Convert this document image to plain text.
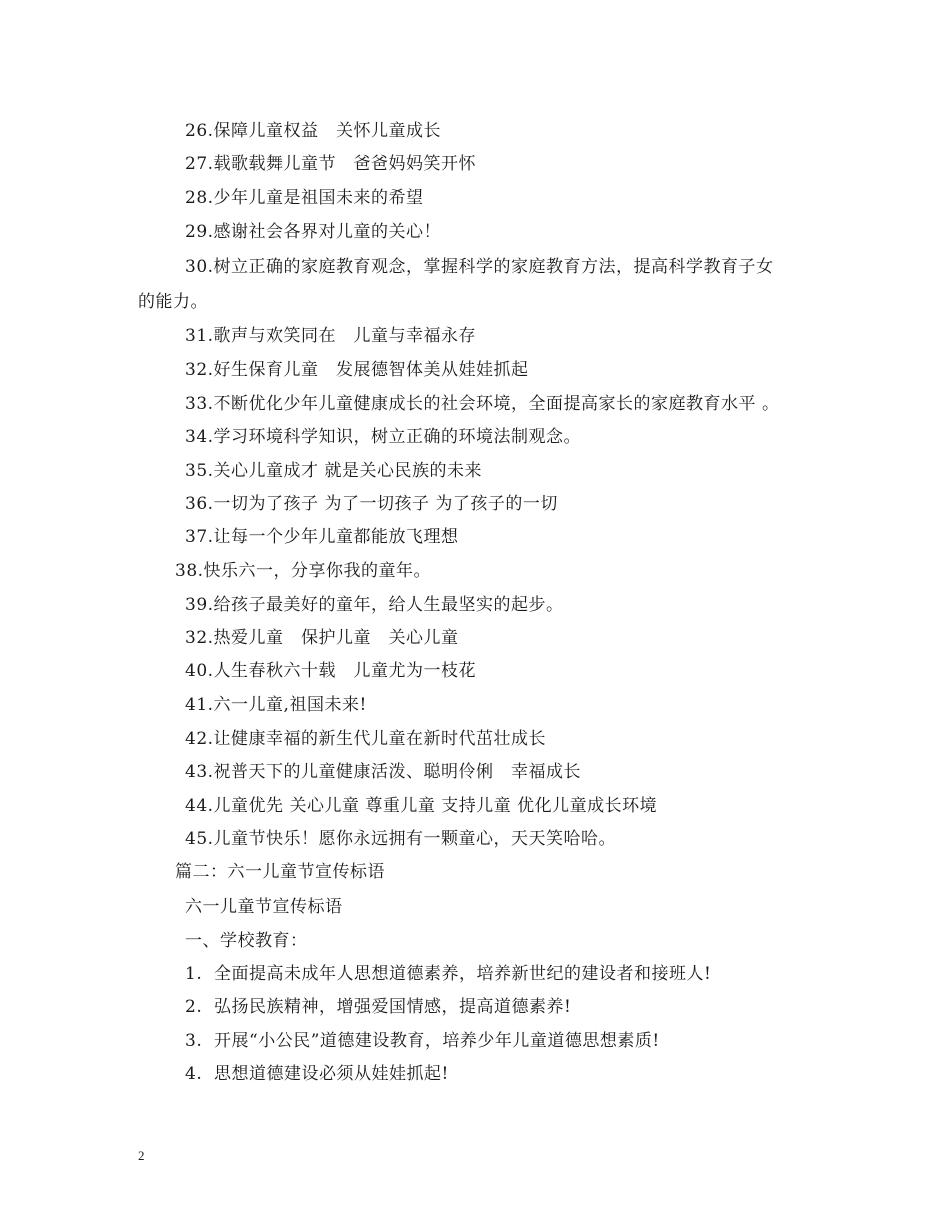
26.保障儿童权益　关怀儿童成长
27.载歌载舞儿童节　爸爸妈妈笑开怀
28.少年儿童是祖国未来的希望
29.感谢社会各界对儿童的关心！
30.树立正确的家庭教育观念，掌握科学的家庭教育方法，提高科学教育子女
的能力。
31.歌声与欢笑同在　儿童与幸福永存
32.好生保育儿童　发展德智体美从娃娃抓起
33.不断优化少年儿童健康成长的社会环境，全面提高家长的家庭教育水平 。
34.学习环境科学知识，树立正确的环境法制观念。
35.关心儿童成才 就是关心民族的未来
36.一切为了孩子 为了一切孩子 为了孩子的一切
37.让每一个少年儿童都能放飞理想
38.快乐六一，分享你我的童年。
39.给孩子最美好的童年，给人生最坚实的起步。
32.热爱儿童　保护儿童　关心儿童
40.人生春秋六十载　儿童尤为一枝花
41.六一儿童,祖国未来!
42.让健康幸福的新生代儿童在新时代茁壮成长
43.祝普天下的儿童健康活泼、聪明伶俐　幸福成长
44.儿童优先 关心儿童 尊重儿童 支持儿童 优化儿童成长环境
45.儿童节快乐！愿你永远拥有一颗童心，天天笑哈哈。
篇二：六一儿童节宣传标语
六一儿童节宣传标语
一、学校教育：
1.  全面提高未成年人思想道德素养，培养新世纪的建设者和接班人!
2.  弘扬民族精神，增强爱国情感，提高道德素养!
3.  开展“小公民”道德建设教育，培养少年儿童道德思想素质!
4.  思想道德建设必须从娃娃抓起!
2
